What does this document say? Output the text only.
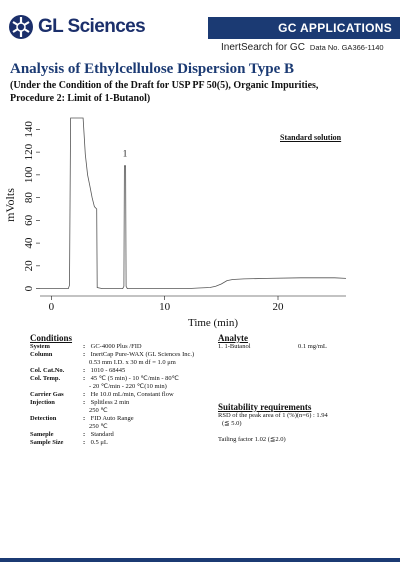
GL Sciences	GC APPLICATIONS
InertSearch for GC Data No. GA366-1140
Analysis of Ethylcellulose Dispersion Type B
(Under the Condition of the Draft for USP PF 50(5), Organic Impurities,
Procedure 2: Limit of 1-Butanol)
0
20
40
60
80
100
120
140
0	10	20
1
mVolts
Time (min)
Standard solution
Conditions
System	: GC-4000 Plus /FID
Column	: InertCap Pure-WAX (GL Sciences Inc.)
0.53 mm I.D. x 30 m df = 1.0 μm
Col. Cat.No.	: 1010 - 68445
Col. Temp.	: 45 ℃ (5 min) - 10 ℃/min - 80℃
- 20 ℃/min - 220 ℃(10 min)
Carrier Gas	: He 10.0 mL/min, Constant flow
Injection	: Splitless 2 min
250 ℃
Detection	: FID Auto Range
250 ℃
Sameple	: Standard
Sample Size	: 0.5 μL
Analyte
1. 1-Butanol	0.1 mg/mL
Suitability requirements
RSD of the peak area of 1 (%)(n=6) : 1.94
(≦ 5.0)
Tailing factor 1.02 (≦2.0)
